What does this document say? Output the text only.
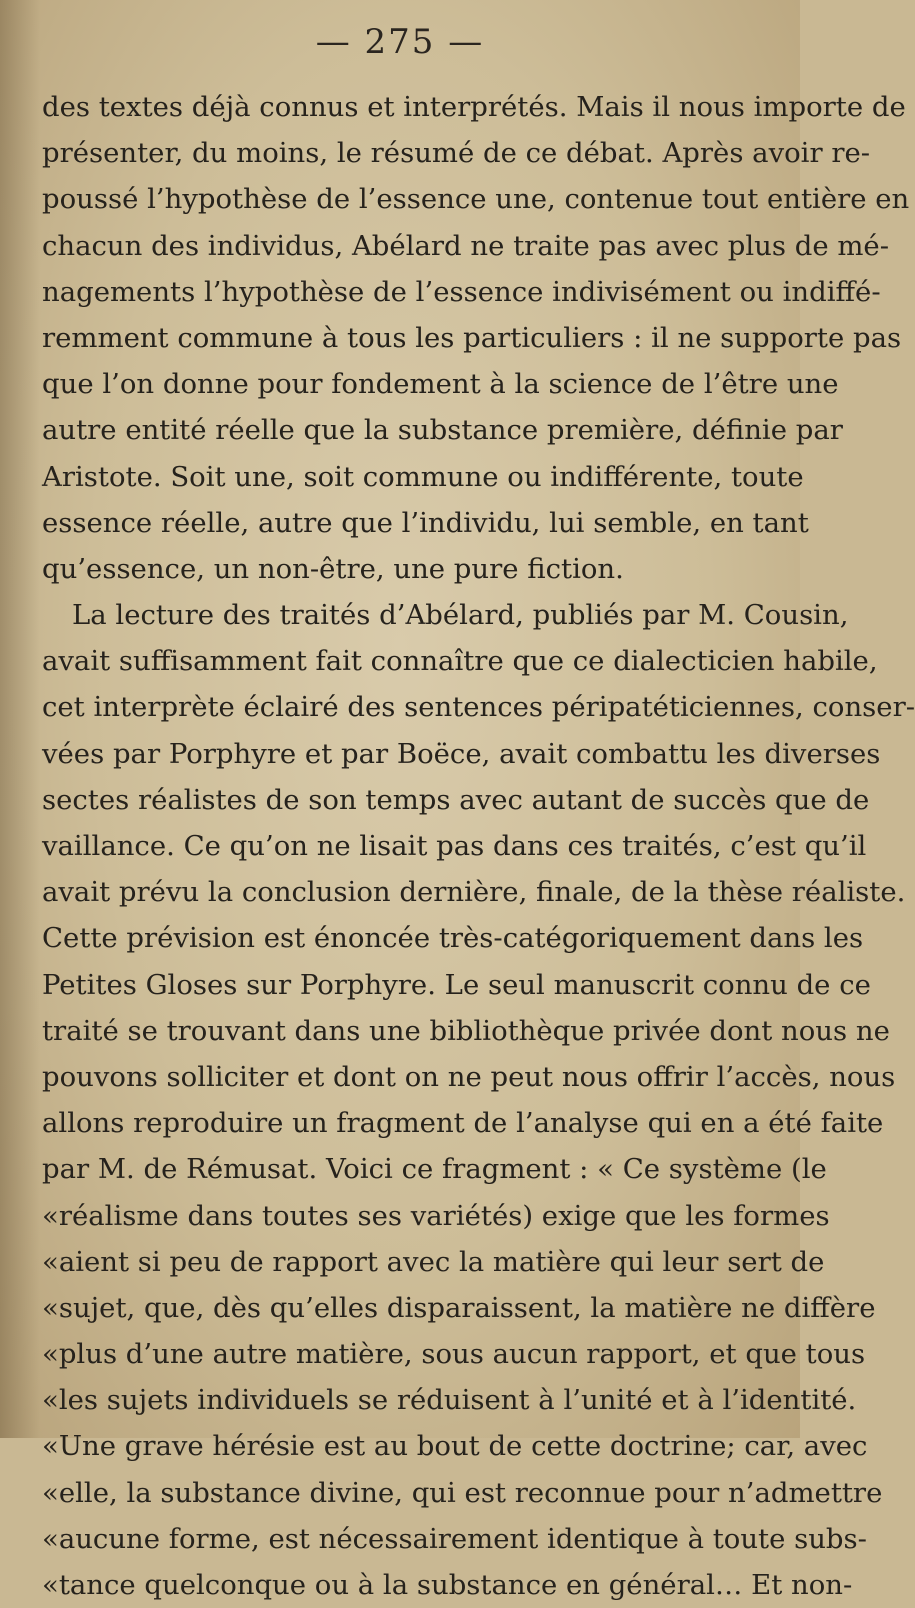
— 275 —
des textes déjà connus et interprétés. Mais il nous importe de
présenter, du moins, le résumé de ce débat. Après avoir re-
poussé l’hypothèse de l’essence une, contenue tout entière en
chacun des individus, Abélard ne traite pas avec plus de mé-
nagements l’hypothèse de l’essence indivisément ou indiffé-
remment commune à tous les particuliers : il ne supporte pas
que l’on donne pour fondement à la science de l’être une
autre entité réelle que la substance première, définie par
Aristote. Soit une, soit commune ou indifférente, toute
essence réelle, autre que l’individu, lui semble, en tant
qu’essence, un non-être, une pure fiction.
La lecture des traités d’Abélard, publiés par M. Cousin,
avait suffisamment fait connaître que ce dialecticien habile,
cet interprète éclairé des sentences péripatéticiennes, conser-
vées par Porphyre et par Boëce, avait combattu les diverses
sectes réalistes de son temps avec autant de succès que de
vaillance. Ce qu’on ne lisait pas dans ces traités, c’est qu’il
avait prévu la conclusion dernière, finale, de la thèse réaliste.
Cette prévision est énoncée très-catégoriquement dans les
Petites Gloses sur Porphyre. Le seul manuscrit connu de ce
traité se trouvant dans une bibliothèque privée dont nous ne
pouvons solliciter et dont on ne peut nous offrir l’accès, nous
allons reproduire un fragment de l’analyse qui en a été faite
par M. de Rémusat. Voici ce fragment : « Ce système (le
« réalisme dans toutes ses variétés) exige que les formes
« aient si peu de rapport avec la matière qui leur sert de
« sujet, que, dès qu’elles disparaissent, la matière ne diffère
« plus d’une autre matière, sous aucun rapport, et que tous
« les sujets individuels se réduisent à l’unité et à l’identité.
« Une grave hérésie est au bout de cette doctrine; car, avec
« elle, la substance divine, qui est reconnue pour n’admettre
« aucune forme, est nécessairement identique à toute subs-
« tance quelconque ou à la substance en général… Et non-
